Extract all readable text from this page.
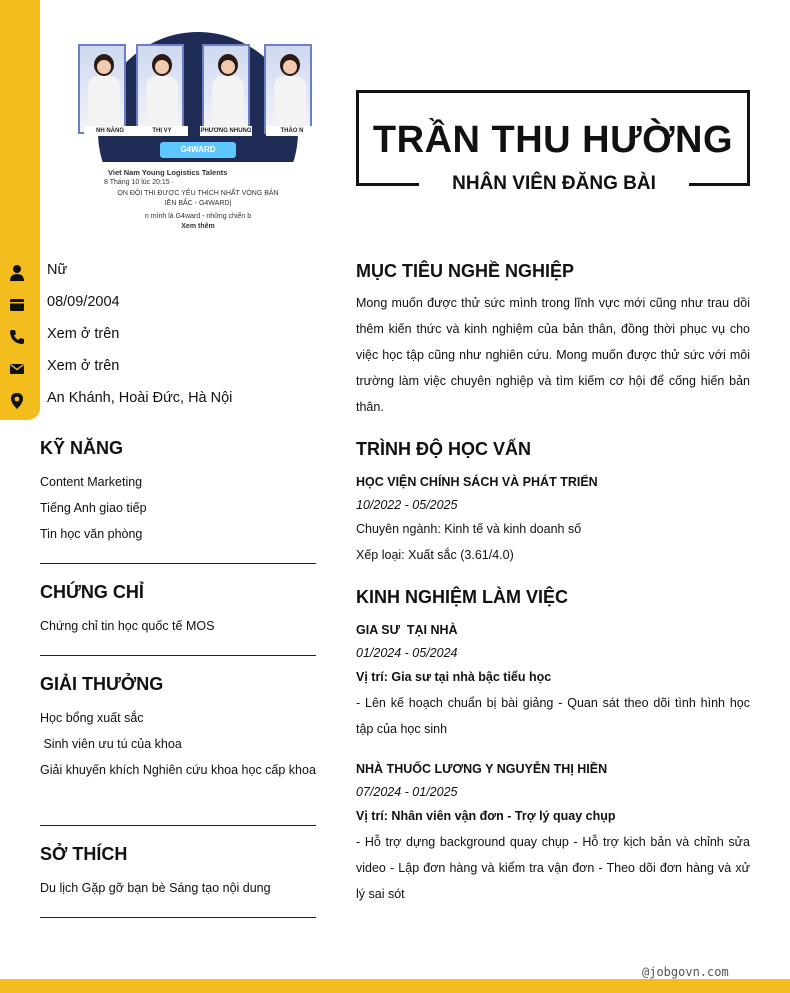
NH NĂNG	THỊ VY	PHƯƠNG NHUNG	THẢO N
G4WARD
Viet Nam Young Logistics Talents
8 Tháng 10 lúc 20:15 ·
ỌN ĐỘI THI ĐƯỢC YÊU THÍCH NHẤT VÒNG BẢN
IỀN BẮC - G4WARD|
n mình là G4ward - những chiến b
Xem thêm
Nữ
08/09/2004
Xem ở trên
Xem ở trên
An Khánh, Hoài Đức, Hà Nội
TRẦN THU HƯỜNG
NHÂN VIÊN ĐĂNG BÀI
KỸ NĂNG
Content Marketing
Tiếng Anh giao tiếp
Tin học văn phòng
CHỨNG CHỈ
Chứng chỉ tin học quốc tế MOS
GIẢI THƯỞNG
Học bổng xuất sắc
Sinh viên ưu tú của khoa
Giải khuyến khích Nghiên cứu khoa học cấp khoa
SỞ THÍCH
Du lịch Gặp gỡ bạn bè Sáng tạo nội dung
MỤC TIÊU NGHỀ NGHIỆP
Mong muốn được thử sức mình trong lĩnh vực mới cũng như trau dồi thêm kiến thức và kinh nghiệm của bản thân, đồng thời phục vụ cho việc học tập cũng như nghiên cứu. Mong muốn được thử sức với môi trường làm việc chuyên nghiệp và tìm kiếm cơ hội để cống hiến bản thân.
TRÌNH ĐỘ HỌC VẤN
HỌC VIỆN CHÍNH SÁCH VÀ PHÁT TRIỂN
10/2022 - 05/2025
Chuyên ngành: Kinh tế và kinh doanh số
Xếp loại: Xuất sắc (3.61/4.0)
KINH NGHIỆM LÀM VIỆC
GIA SƯ  TẠI NHÀ
01/2024 - 05/2024
Vị trí: Gia sư tại nhà bậc tiểu học
- Lên kế hoạch chuẩn bị bài giảng - Quan sát theo dõi tình hình học tập của học sinh
NHÀ THUỐC LƯƠNG Y NGUYỄN THỊ HIỀN
07/2024 - 01/2025
Vị trí: Nhân viên vận đơn - Trợ lý quay chụp
- Hỗ trợ dựng background quay chụp - Hỗ trợ kịch bản và chỉnh sửa video - Lập đơn hàng và kiểm tra vận đơn - Theo dõi đơn hàng và xử lý sai sót
@jobgovn.com
